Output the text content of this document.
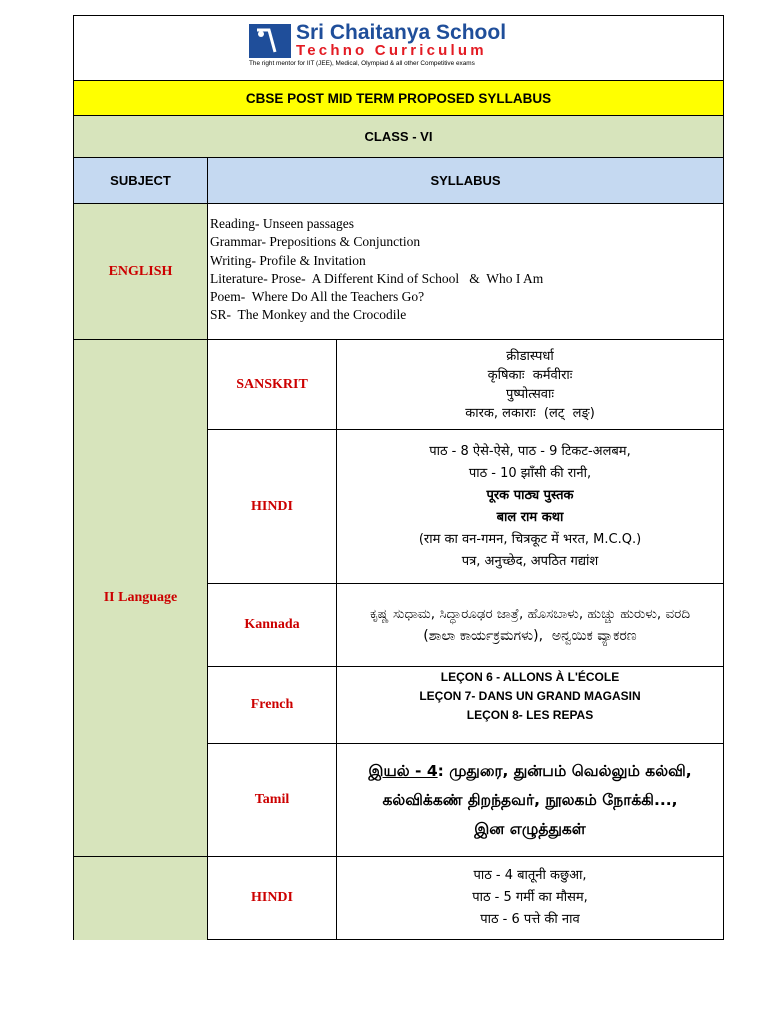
Sri Chaitanya School
Techno Curriculum
The right mentor for IIT (JEE), Medical, Olympiad & all other Competitive exams
CBSE POST MID TERM PROPOSED SYLLABUS
CLASS - VI
SUBJECT	SYLLABUS
ENGLISH
Reading- Unseen passages
Grammar- Prepositions & Conjunction
Writing- Profile & Invitation
Literature- Prose-  A Different Kind of School   &  Who I Am
Poem-  Where Do All the Teachers Go?
SR-  The Monkey and the Crocodile
II Language
SANSKRIT
क्रीडास्पर्धा
कृषिकाः  कर्मवीराः
पुष्पोत्सवाः
कारक, लकाराः  (लट्  लङ्)
HINDI
पाठ - 8 ऐसे-ऐसे, पाठ - 9 टिकट-अलबम,
पाठ - 10 झाँसी की रानी,
पूरक पाठ्य पुस्तक
बाल राम कथा
(राम का वन-गमन, चित्रकूट में भरत, M.C.Q.)
पत्र, अनुच्छेद, अपठित गद्यांश
Kannada
ಕೃಷ್ಣ ಸುಧಾಮ, ಸಿದ್ಧಾರೂಢರ ಜಾತ್ರೆ, ಹೊಸಬಾಳು, ಹುಚ್ಚು ಹುರುಳು, ವರದಿ
(ಶಾಲಾ ಕಾರ್ಯಕ್ರಮಗಳು),  ಅನ್ವಯಿಕ ವ್ಯಾಕರಣ
French
LEÇON 6 - ALLONS À L'ÉCOLE
LEÇON 7- DANS UN GRAND MAGASIN
LEÇON 8- LES REPAS
Tamil
இயல் - 4: முதுரை, துன்பம் வெல்லும் கல்வி,
கல்விக்கண் திறந்தவர், நூலகம் நோக்கி...,
இன எழுத்துகள்
HINDI
पाठ - 4 बातूनी कछुआ,
पाठ - 5 गर्मी का मौसम,
पाठ - 6 पत्ते की नाव
